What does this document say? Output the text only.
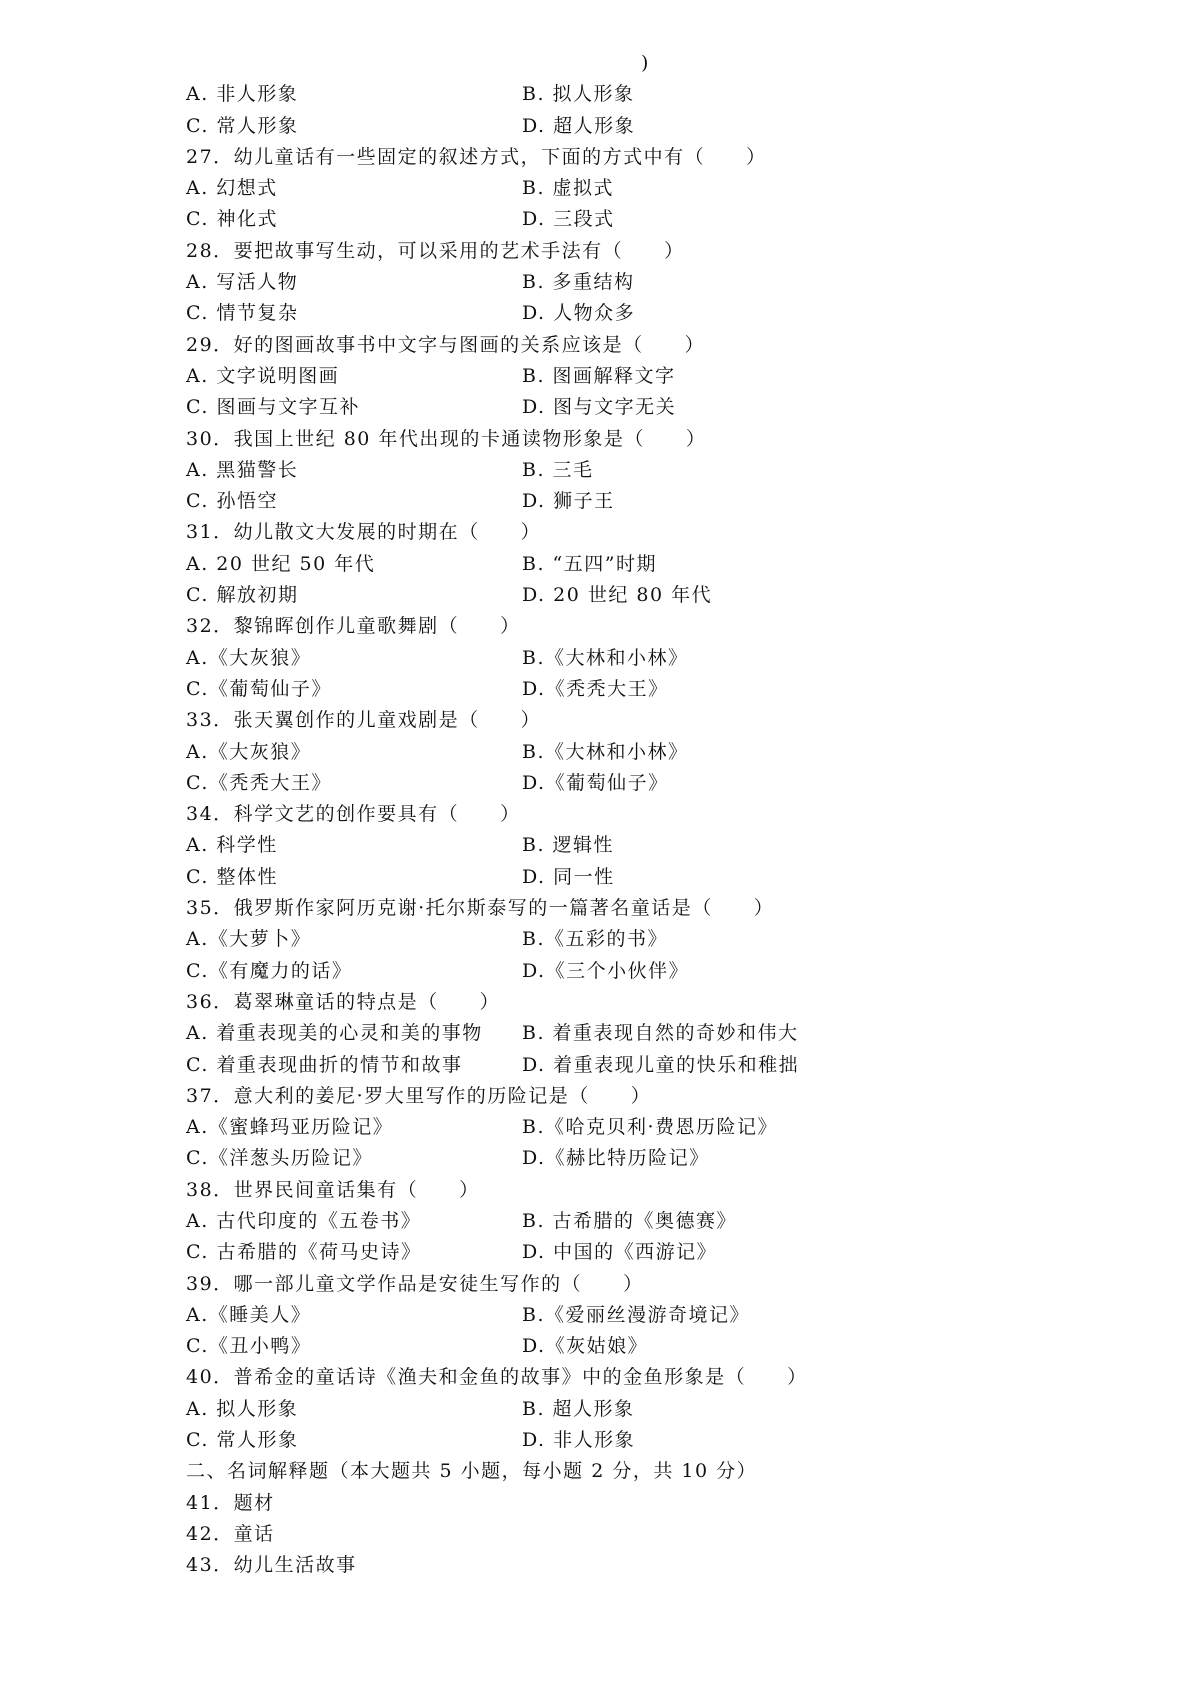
)
A. 非人形象	B. 拟人形象
C. 常人形象	D. 超人形象
27．幼儿童话有一些固定的叙述方式，下面的方式中有（　　）
A. 幻想式	B. 虚拟式
C. 神化式	D. 三段式
28．要把故事写生动，可以采用的艺术手法有（　　）
A. 写活人物	B. 多重结构
C. 情节复杂	D. 人物众多
29．好的图画故事书中文字与图画的关系应该是（　　）
A. 文字说明图画	B. 图画解释文字
C. 图画与文字互补	D. 图与文字无关
30．我国上世纪 80 年代出现的卡通读物形象是（　　）
A. 黑猫警长	B. 三毛
C. 孙悟空	D. 狮子王
31．幼儿散文大发展的时期在（　　）
A. 20 世纪 50 年代	B. “五四”时期
C. 解放初期	D. 20 世纪 80 年代
32．黎锦晖创作儿童歌舞剧（　　）
A.《大灰狼》	B.《大林和小林》
C.《葡萄仙子》	D.《秃秃大王》
33．张天翼创作的儿童戏剧是（　　）
A.《大灰狼》	B.《大林和小林》
C.《秃秃大王》	D.《葡萄仙子》
34．科学文艺的创作要具有（　　）
A. 科学性	B. 逻辑性
C. 整体性	D. 同一性
35．俄罗斯作家阿历克谢·托尔斯泰写的一篇著名童话是（　　）
A.《大萝卜》	B.《五彩的书》
C.《有魔力的话》	D.《三个小伙伴》
36．葛翠琳童话的特点是（　　）
A. 着重表现美的心灵和美的事物 B. 着重表现自然的奇妙和伟大
C. 着重表现曲折的情节和故事	D. 着重表现儿童的快乐和稚拙
37．意大利的姜尼·罗大里写作的历险记是（　　）
A.《蜜蜂玛亚历险记》	B.《哈克贝利·费恩历险记》
C.《洋葱头历险记》	D.《赫比特历险记》
38．世界民间童话集有（　　）
A. 古代印度的《五卷书》	B. 古希腊的《奥德赛》
C. 古希腊的《荷马史诗》	D. 中国的《西游记》
39．哪一部儿童文学作品是安徒生写作的（　　）
A.《睡美人》	B.《爱丽丝漫游奇境记》
C.《丑小鸭》	D.《灰姑娘》
40．普希金的童话诗《渔夫和金鱼的故事》中的金鱼形象是（　　）
A. 拟人形象	B. 超人形象
C. 常人形象	D. 非人形象
二、名词解释题（本大题共 5 小题，每小题 2 分，共 10 分）
41．题材
42．童话
43．幼儿生活故事
